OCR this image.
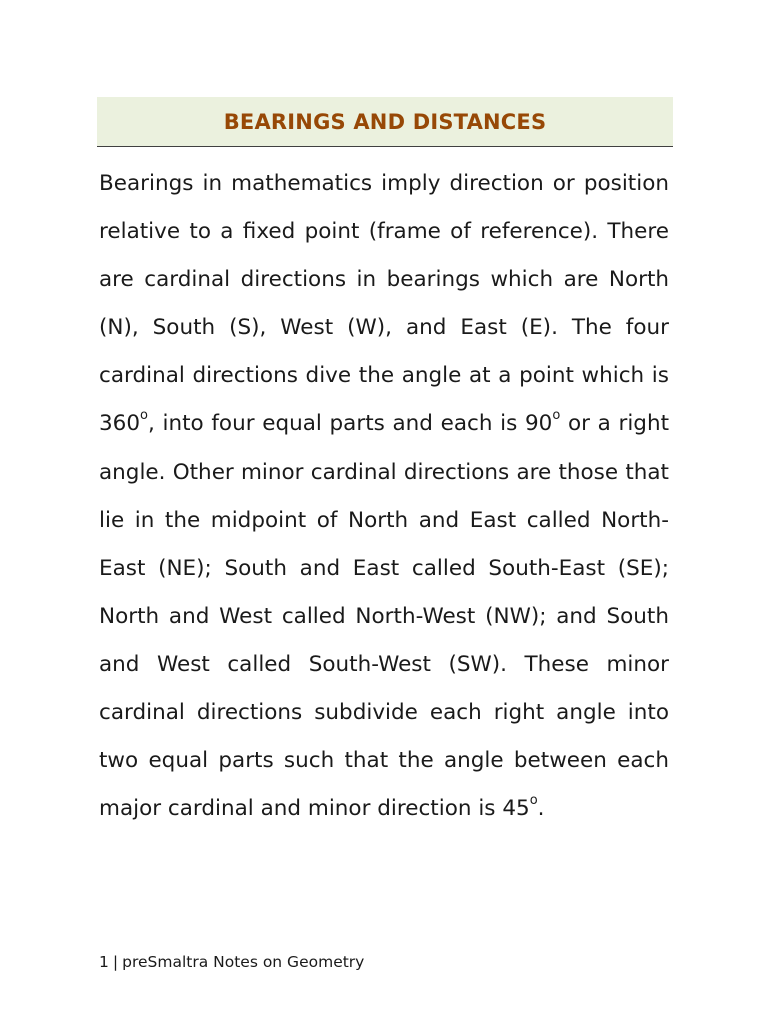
BEARINGS AND DISTANCES

Bearings in mathematics imply direction or position relative to a fixed point (frame of reference). There are cardinal directions in bearings which are North (N), South (S), West (W), and East (E). The four cardinal directions dive the angle at a point which is 360$^o$, into four equal parts and each is 90$^o$ or a right angle. Other minor cardinal directions are those that lie in the midpoint of North and East called North-East (NE); South and East called South-East (SE); North and West called North-West (NW); and South and West called South-West (SW). These minor cardinal directions subdivide each right angle into two equal parts such that the angle between each major cardinal and minor direction is 45$^o$.

1 | preSmaltra Notes on Geometry
